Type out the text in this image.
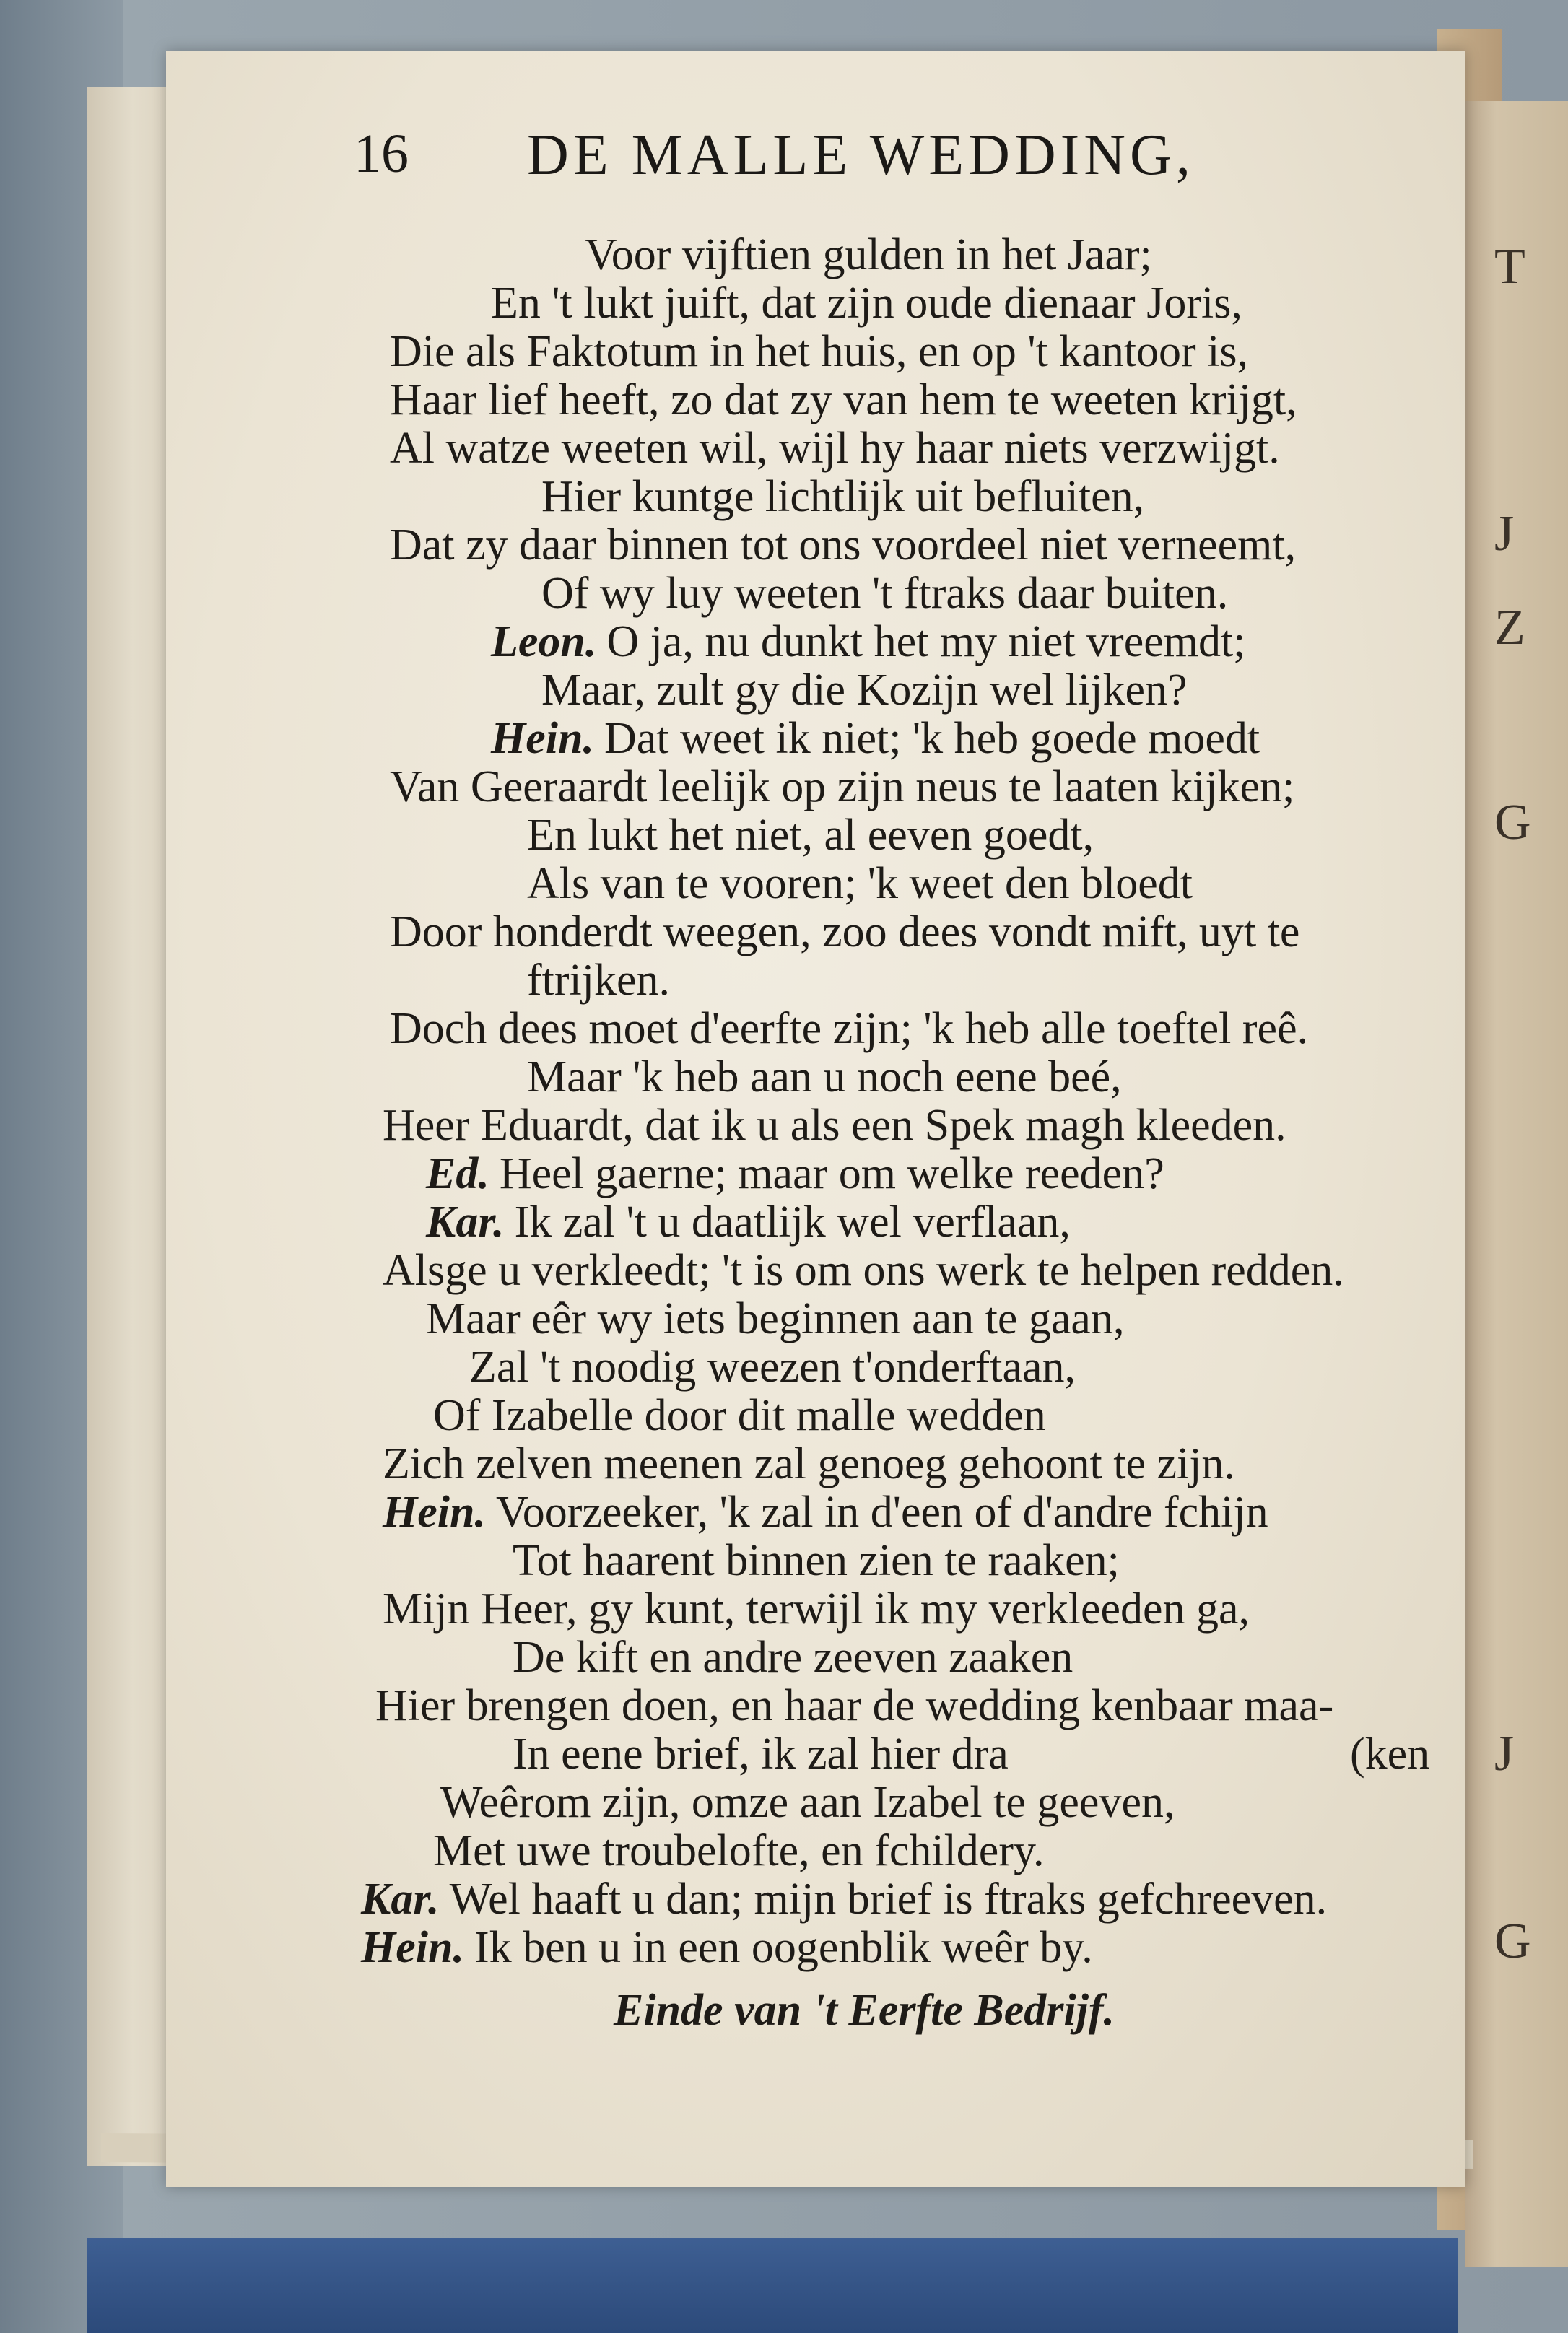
T
J
Z
G
J
G
16 DE MALLE WEDDING,
Voor vijftien gulden in het Jaar;
En 't lukt juift, dat zijn oude dienaar Joris,
Die als Faktotum in het huis, en op 't kantoor is,
Haar lief heeft, zo dat zy van hem te weeten krijgt,
Al watze weeten wil, wijl hy haar niets verzwijgt.
Hier kuntge lichtlijk uit befluiten,
Dat zy daar binnen tot ons voordeel niet verneemt,
Of wy luy weeten 't ftraks daar buiten.
Leon. O ja, nu dunkt het my niet vreemdt;
Maar, zult gy die Kozijn wel lijken?
Hein. Dat weet ik niet; 'k heb goede moedt
Van Geeraardt leelijk op zijn neus te laaten kijken;
En lukt het niet, al eeven goedt,
Als van te vooren; 'k weet den bloedt
Door honderdt weegen, zoo dees vondt mift, uyt te
ftrijken.
Doch dees moet d'eerfte zijn; 'k heb alle toeftel reê.
Maar 'k heb aan u noch eene beé,
Heer Eduardt, dat ik u als een Spek magh kleeden.
Ed. Heel gaerne; maar om welke reeden?
Kar. Ik zal 't u daatlijk wel verflaan,
Alsge u verkleedt; 't is om ons werk te helpen redden.
Maar eêr wy iets beginnen aan te gaan,
Zal 't noodig weezen t'onderftaan,
Of Izabelle door dit malle wedden
Zich zelven meenen zal genoeg gehoont te zijn.
Hein. Voorzeeker, 'k zal in d'een of d'andre fchijn
Tot haarent binnen zien te raaken;
Mijn Heer, gy kunt, terwijl ik my verkleeden ga,
De kift en andre zeeven zaaken
Hier brengen doen, en haar de wedding kenbaar maa-
In eene brief, ik zal hier dra	(ken
Weêrom zijn, omze aan Izabel te geeven,
Met uwe troubelofte, en fchildery.
Kar. Wel haaft u dan; mijn brief is ftraks gefchreeven.
Hein. Ik ben u in een oogenblik weêr by.
Einde van 't Eerfte Bedrijf.
